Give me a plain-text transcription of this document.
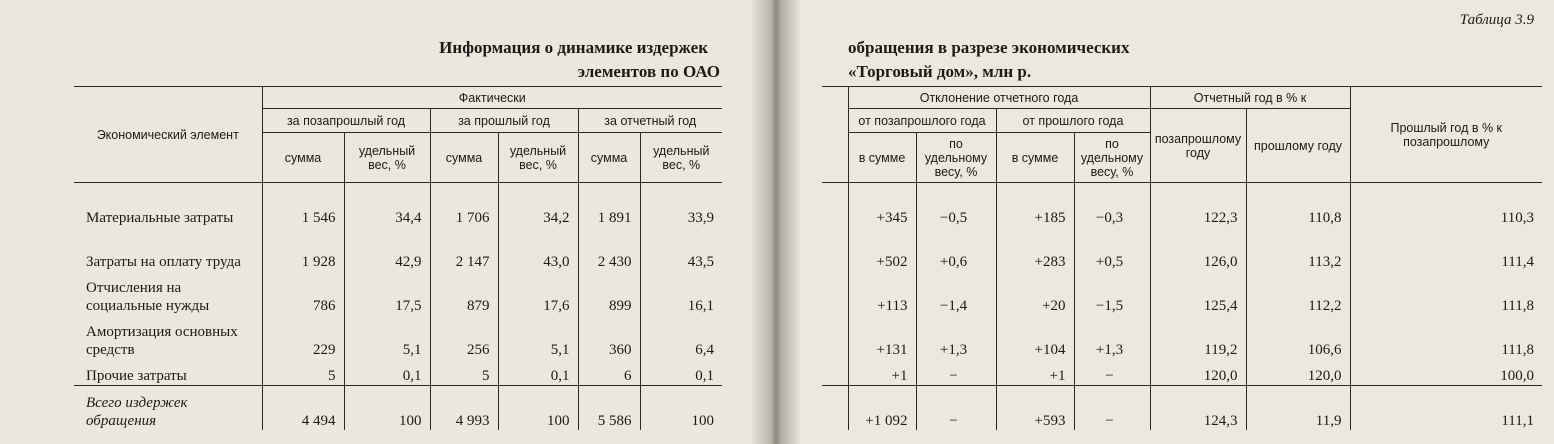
Информация о динамике издержек
элементов по ОАО
Экономический элемент	Фактически					
	за позапрошлый год		за прошлый год		за отчетный год	
	сумма	удельный вес, %	сумма	удельный вес, %	сумма	удельный вес, %
Материальные затраты	1 546	34,4	1 706	34,2	1 891	33,9
Затраты на оплату труда	1 928	42,9	2 147	43,0	2 430	43,5
Отчисления на социальные нужды	786	17,5	879	17,6	899	16,1
Амортизация основных средств	229	5,1	256	5,1	360	6,4
Прочие затраты	5	0,1	5	0,1	6	0,1
Всего издержек обращения	4 494	100	4 993	100	5 586	100
Таблица 3.9
обращения в разрезе экономических
«Торговый дом», млн р.
	Отклонение отчетного года				Отчетный год в % к		Прошлый год в % к позапрошлому
	от позапрошлого года		от прошлого года		позапрошлому году	прошлому году	
	в сумме	по удельному весу, %	в сумме	по удельному весу, %			
	+345	−0,5	+185	−0,3	122,3	110,8	110,3
	+502	+0,6	+283	+0,5	126,0	113,2	111,4
	+113	−1,4	+20	−1,5	125,4	112,2	111,8
	+131	+1,3	+104	+1,3	119,2	106,6	111,8
	+1	−	+1	−	120,0	120,0	100,0
	+1 092	−	+593	−	124,3	11,9	111,1
